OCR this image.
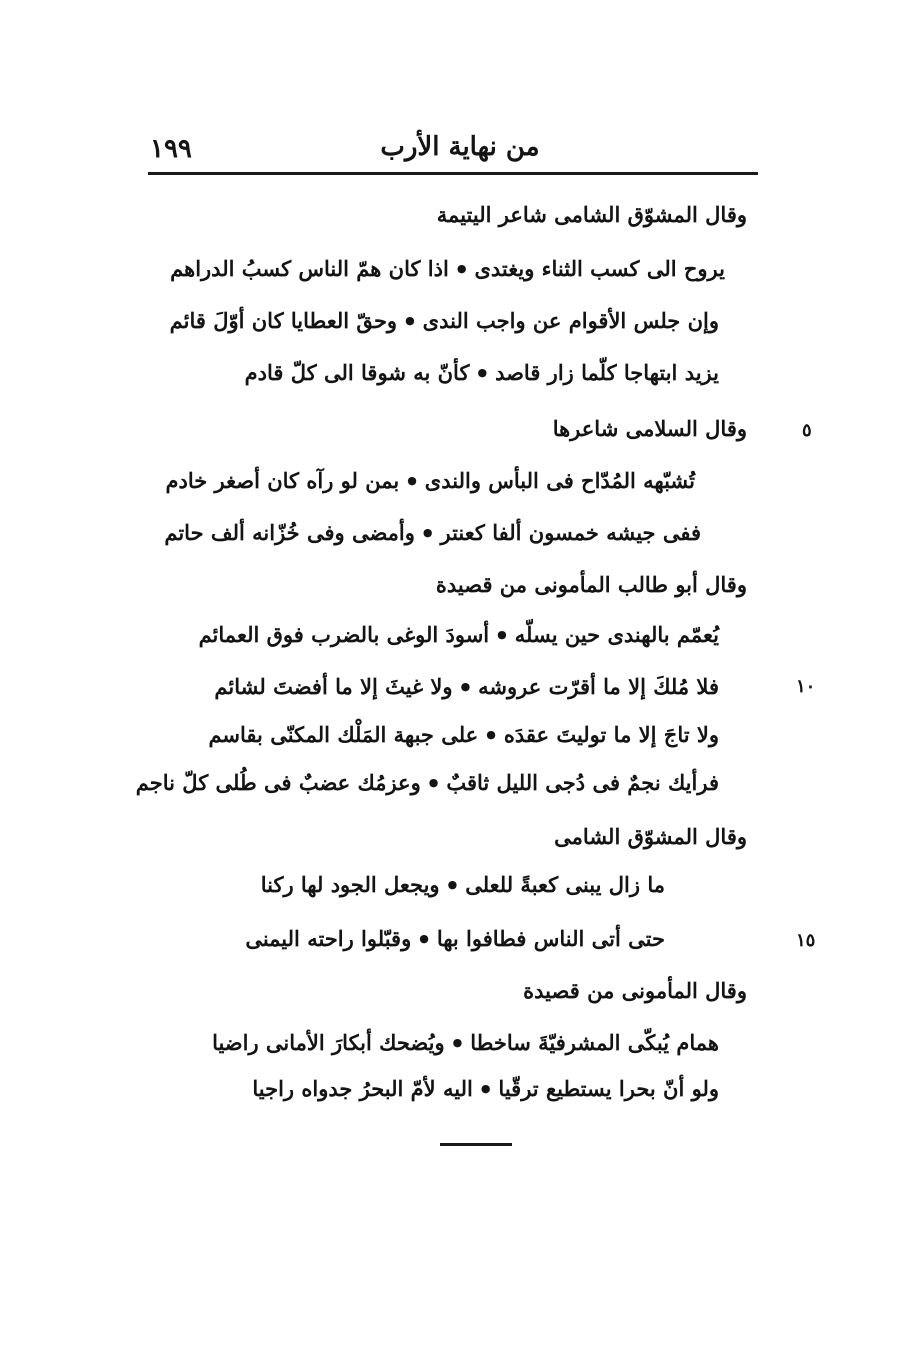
من نهاية الأرب
١٩٩
٥
١٠
١٥
وقال المشوّق الشامى شاعر اليتيمة
يروح الى كسب الثناء ويغتدى
●
اذا كان همّ الناس كسبُ الدراهم
وإن جلس الأقوام عن واجب الندى
●
وحقّ العطايا كان أوّلَ قائم
يزيد ابتهاجا كلّما زار قاصد
●
كأنّ به شوقا الى كلّ قادم
وقال السلامى شاعرها
تُشبّهه المُدّاح فى البأس والندى
●
بمن لو رآه كان أصغر خادم
ففى جيشه خمسون ألفا كعنتر
●
وأمضى وفى خُزّانه ألف حاتم
وقال أبو طالب المأمونى من قصيدة
يُعمّم بالهندى حين يسلّه
●
أسودَ الوغى بالضرب فوق العمائم
فلا مُلكَ إلا ما أقرّت عروشه
●
ولا غيثَ إلا ما أفضتَ لشائم
ولا تاجَ إلا ما توليتَ عقدَه
●
على جبهة المَلْك المكنّى بقاسم
فرأيك نجمٌ فى دُجى الليل ثاقبٌ
●
وعزمُك عضبٌ فى طُلى كلّ ناجم
وقال المشوّق الشامى
ما زال يبنى كعبةً للعلى
●
ويجعل الجود لها ركنا
حتى أتى الناس فطافوا بها
●
وقبّلوا راحته اليمنى
وقال المأمونى من قصيدة
همام يُبكّى المشرفيّةَ ساخطا
●
ويُضحك أبكارَ الأمانى راضيا
ولو أنّ بحرا يستطيع ترقّيا
●
اليه لأمّ البحرُ جدواه راجيا
